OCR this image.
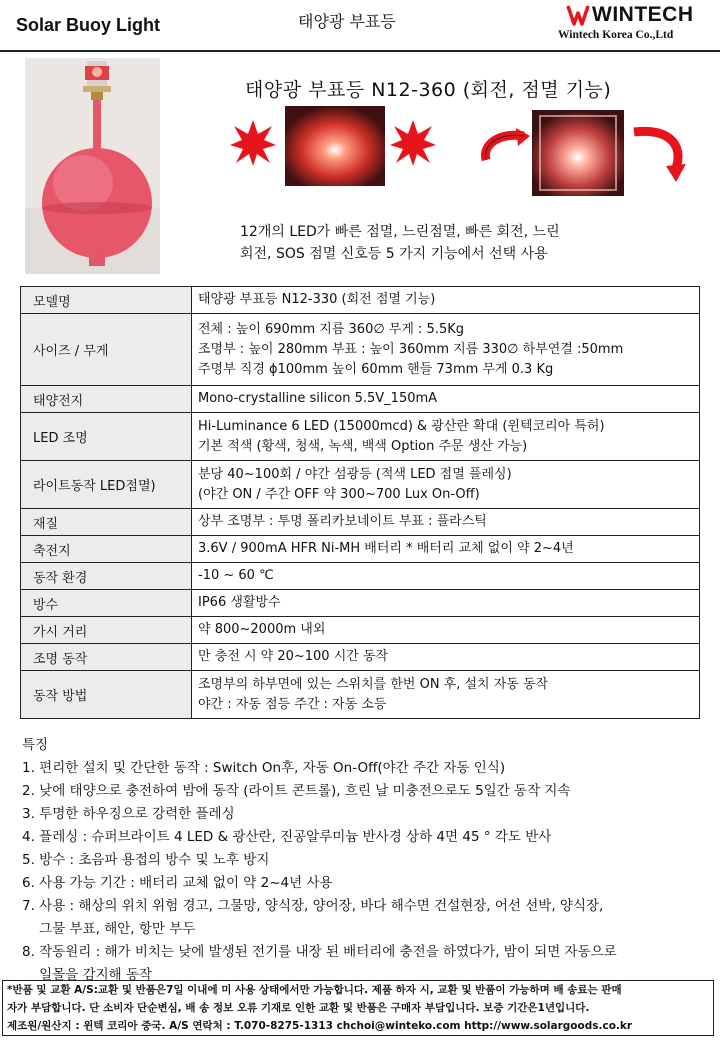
Solar Buoy Light	태양광 부표등	WINTECH
Wintech Korea Co.,Ltd
태양광 부표등 N12-360 (회전, 점멸 기능)
12개의 LED가 빠른 점멸, 느린점멸, 빠른 회전, 느린
회전, SOS 점멸 신호등 5 가지 기능에서 선택 사용
모델명	태양광 부표등 N12-330 (회전 점멸 기능)
사이즈 / 무게	전체 : 높이 690mm 지름 360∅ 무게 : 5.5Kg
조명부 : 높이 280mm 부표 : 높이 360mm 지름 330∅ 하부연결 :50mm
주명부 직경 ϕ100mm 높이 60mm 핸들 73mm 무게 0.3 Kg

태양전지	Mono-crystalline silicon 5.5V_150mA
LED 조명	Hi-Luminance 6 LED (15000mcd) & 광산란 확대 (윈텍코리아 특허)
기본 적색 (황색, 청색, 녹색, 백색 Option 주문 생산 가능)

라이트동작 LED점멸)	분당 40~100회 / 야간 섬광등 (적색 LED 점멸 플레싱)
(야간 ON / 주간 OFF 약 300~700 Lux On-Off)

재질	상부 조명부 : 투명 폴리카보네이트 부표 : 플라스틱
축전지	3.6V / 900mA HFR Ni-MH 배터리 * 배터리 교체 없이 약 2~4년
동작 환경	-10 ~ 60 ℃
방수	IP66 생활방수
가시 거리	약 800~2000m 내외
조명 동작	만 충전 시 약 20~100 시간 동작
동작 방법	조명부의 하부면에 있는 스위치를 한번 ON 후, 설치 자동 동작
야간 : 자동 점등 주간 : 자동 소등
특징
1. 편리한 설치 및 간단한 동작 : Switch On후, 자동 On-Off(야간 주간 자동 인식)
2. 낮에 태양으로 충전하여 밤에 동작 (라이트 콘트롤), 흐린 날 미충전으로도 5일간 동작 지속
3. 투명한 하우징으로 강력한 플레싱
4. 플레싱 : 슈퍼브라이트 4 LED & 광산란, 진공알루미늄 반사경 상하 4면 45 ° 각도 반사
5. 방수 : 초음파 용접의 방수 및 노후 방지
6. 사용 가능 기간 : 배터리 교체 없이 약 2~4년 사용
7. 사용 : 해상의 위치 위험 경고, 그물망, 양식장, 양어장, 바다 해수면 건설현장, 어선 선박, 양식장,
그물 부표, 해안, 항만 부두
8. 작동원리 : 해가 비치는 낮에 발생된 전기를 내장 된 배터리에 충전을 하였다가, 밤이 되면 자동으로
일몰을 감지해 동작
*반품 및 교환 A/S:교환 및 반품은7일 이내에 미 사용 상태에서만 가능합니다. 제품 하자 시, 교환 및 반품이 가능하며 배 송료는 판매
자가 부담합니다. 단 소비자 단순변심, 배 송 정보 오류 기재로 인한 교환 및 반품은 구매자 부담입니다. 보증 기간은1년입니다.
제조원/원산지 : 윈텍 코리아 중국. A/S 연락처 : T.070-8275-1313 chchoi@winteko.com http://www.solargoods.co.kr
